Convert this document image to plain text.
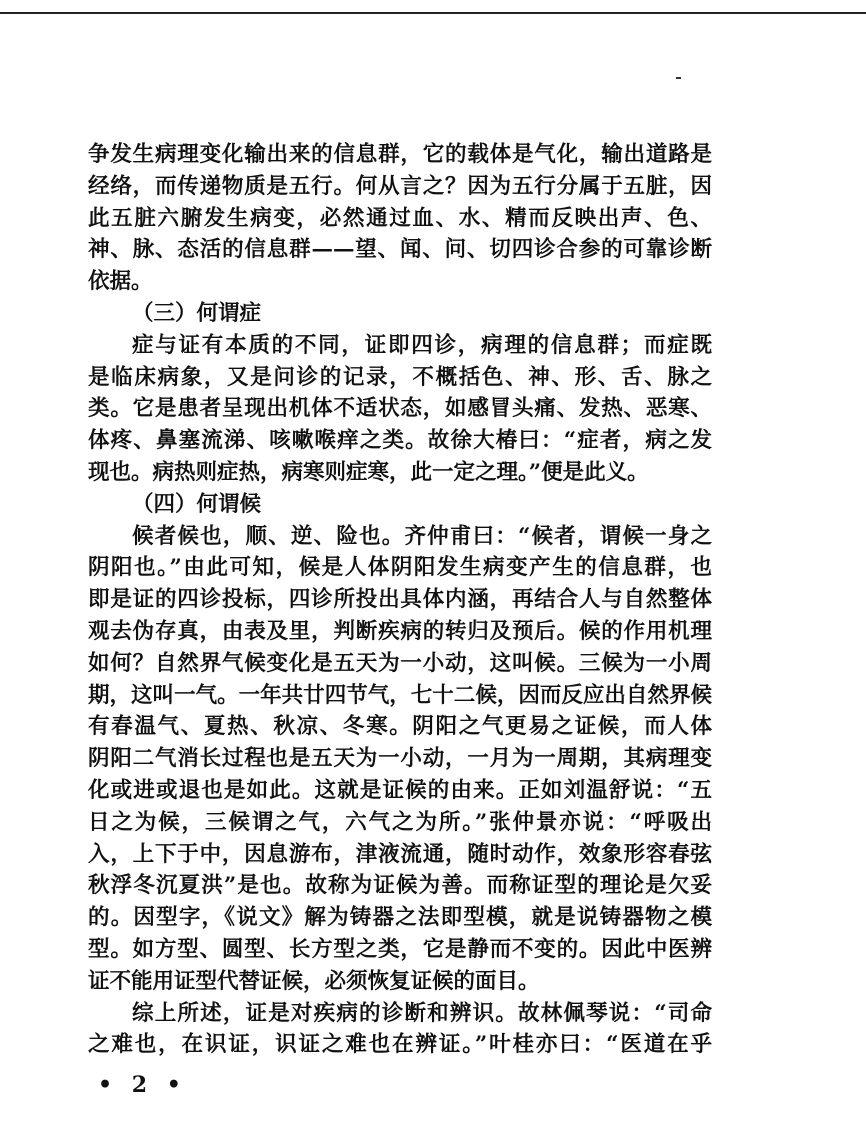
争发生病理变化输出来的信息群，它的载体是气化，输出道路是
经络，而传递物质是五行。何从言之？因为五行分属于五脏，因
此五脏六腑发生病变，必然通过血、水、精而反映出声、色、
神、脉、态活的信息群——望、闻、问、切四诊合参的可靠诊断
依据。
（三）何谓症
症与证有本质的不同，证即四诊，病理的信息群；而症既
是临床病象，又是问诊的记录，不概括色、神、形、舌、脉之
类。它是患者呈现出机体不适状态，如感冒头痛、发热、恶寒、
体疼、鼻塞流涕、咳嗽喉痒之类。故徐大椿曰：“症者，病之发
现也。病热则症热，病寒则症寒，此一定之理。”便是此义。
（四）何谓候
候者候也，顺、逆、险也。齐仲甫曰：“候者，谓候一身之
阴阳也。”由此可知，候是人体阴阳发生病变产生的信息群，也
即是证的四诊投标，四诊所投出具体内涵，再结合人与自然整体
观去伪存真，由表及里，判断疾病的转归及预后。候的作用机理
如何？自然界气候变化是五天为一小动，这叫候。三候为一小周
期，这叫一气。一年共廿四节气，七十二候，因而反应出自然界候
有春温气、夏热、秋凉、冬寒。阴阳之气更易之证候，而人体
阴阳二气消长过程也是五天为一小动，一月为一周期，其病理变
化或进或退也是如此。这就是证候的由来。正如刘温舒说：“五
日之为候，三候谓之气，六气之为所。”张仲景亦说：“呼吸出
入，上下于中，因息游布，津液流通，随时动作，效象形容春弦
秋浮冬沉夏洪”是也。故称为证候为善。而称证型的理论是欠妥
的。因型字，《说文》解为铸器之法即型模，就是说铸器物之模
型。如方型、圆型、长方型之类，它是静而不变的。因此中医辨
证不能用证型代替证候，必须恢复证候的面目。
综上所述，证是对疾病的诊断和辨识。故林佩琴说：“司命
之难也，在识证，识证之难也在辨证。”叶桂亦曰：“医道在乎
• 2 •
